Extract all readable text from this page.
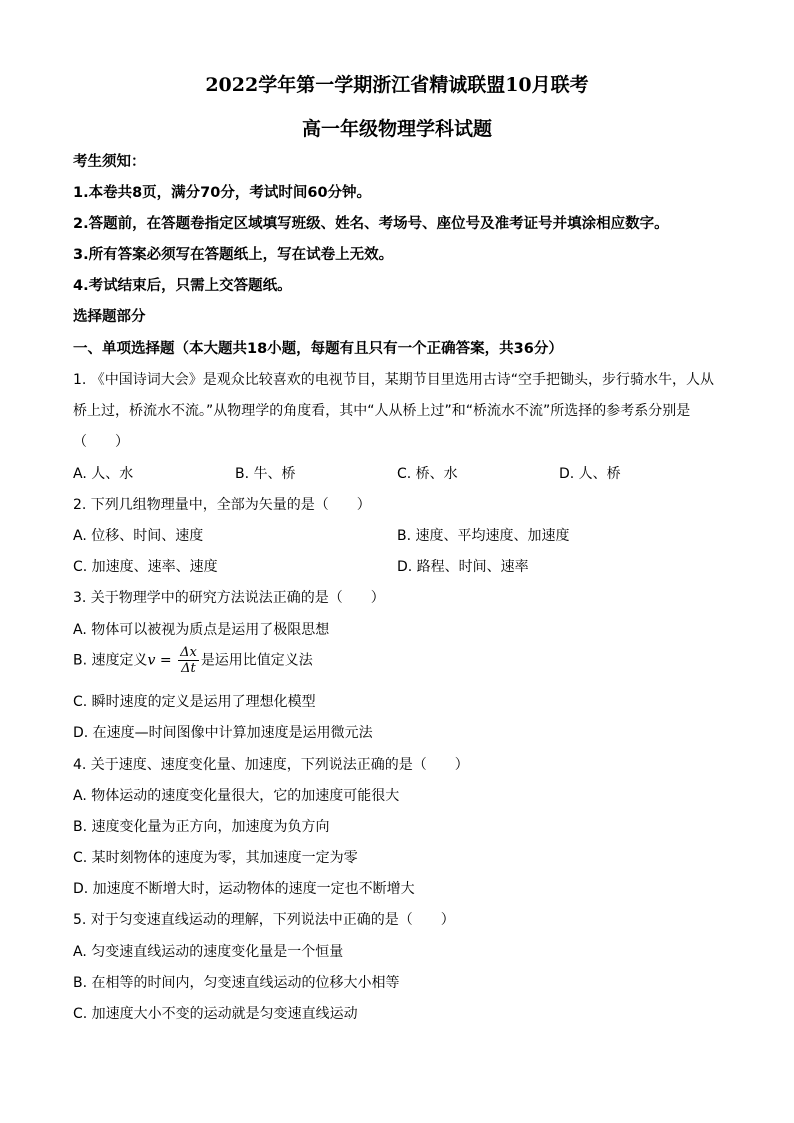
2022学年第一学期浙江省精诚联盟10月联考
高一年级物理学科试题
考生须知：
1.本卷共8页，满分70分，考试时间60分钟。
2.答题前，在答题卷指定区域填写班级、姓名、考场号、座位号及准考证号并填涂相应数字。
3.所有答案必须写在答题纸上，写在试卷上无效。
4.考试结束后，只需上交答题纸。
选择题部分
一、单项选择题（本大题共18小题，每题有且只有一个正确答案，共36分）
1. 《中国诗词大会》是观众比较喜欢的电视节目，某期节目里选用古诗“空手把锄头，步行骑水牛，人从
桥上过，桥流水不流。”从物理学的角度看，其中“人从桥上过”和“桥流水不流”所选择的参考系分别是
（　　）
A. 人、水	B. 牛、桥	C. 桥、水	D. 人、桥
2. 下列几组物理量中，全部为矢量的是（　　）
A. 位移、时间、速度	B. 速度、平均速度、加速度
C. 加速度、速率、速度	D. 路程、时间、速率
3. 关于物理学中的研究方法说法正确的是（　　）
A. 物体可以被视为质点是运用了极限思想
B. 速度定义$v = \frac{\Delta x}{\Delta t}$ 是运用比值定义法
C. 瞬时速度的定义是运用了理想化模型
D. 在速度—时间图像中计算加速度是运用微元法
4. 关于速度、速度变化量、加速度，下列说法正确的是（　　）
A. 物体运动的速度变化量很大，它的加速度可能很大
B. 速度变化量为正方向，加速度为负方向
C. 某时刻物体的速度为零，其加速度一定为零
D. 加速度不断增大时，运动物体的速度一定也不断增大
5. 对于匀变速直线运动的理解，下列说法中正确的是（　　）
A. 匀变速直线运动的速度变化量是一个恒量
B. 在相等的时间内，匀变速直线运动的位移大小相等
C. 加速度大小不变的运动就是匀变速直线运动
